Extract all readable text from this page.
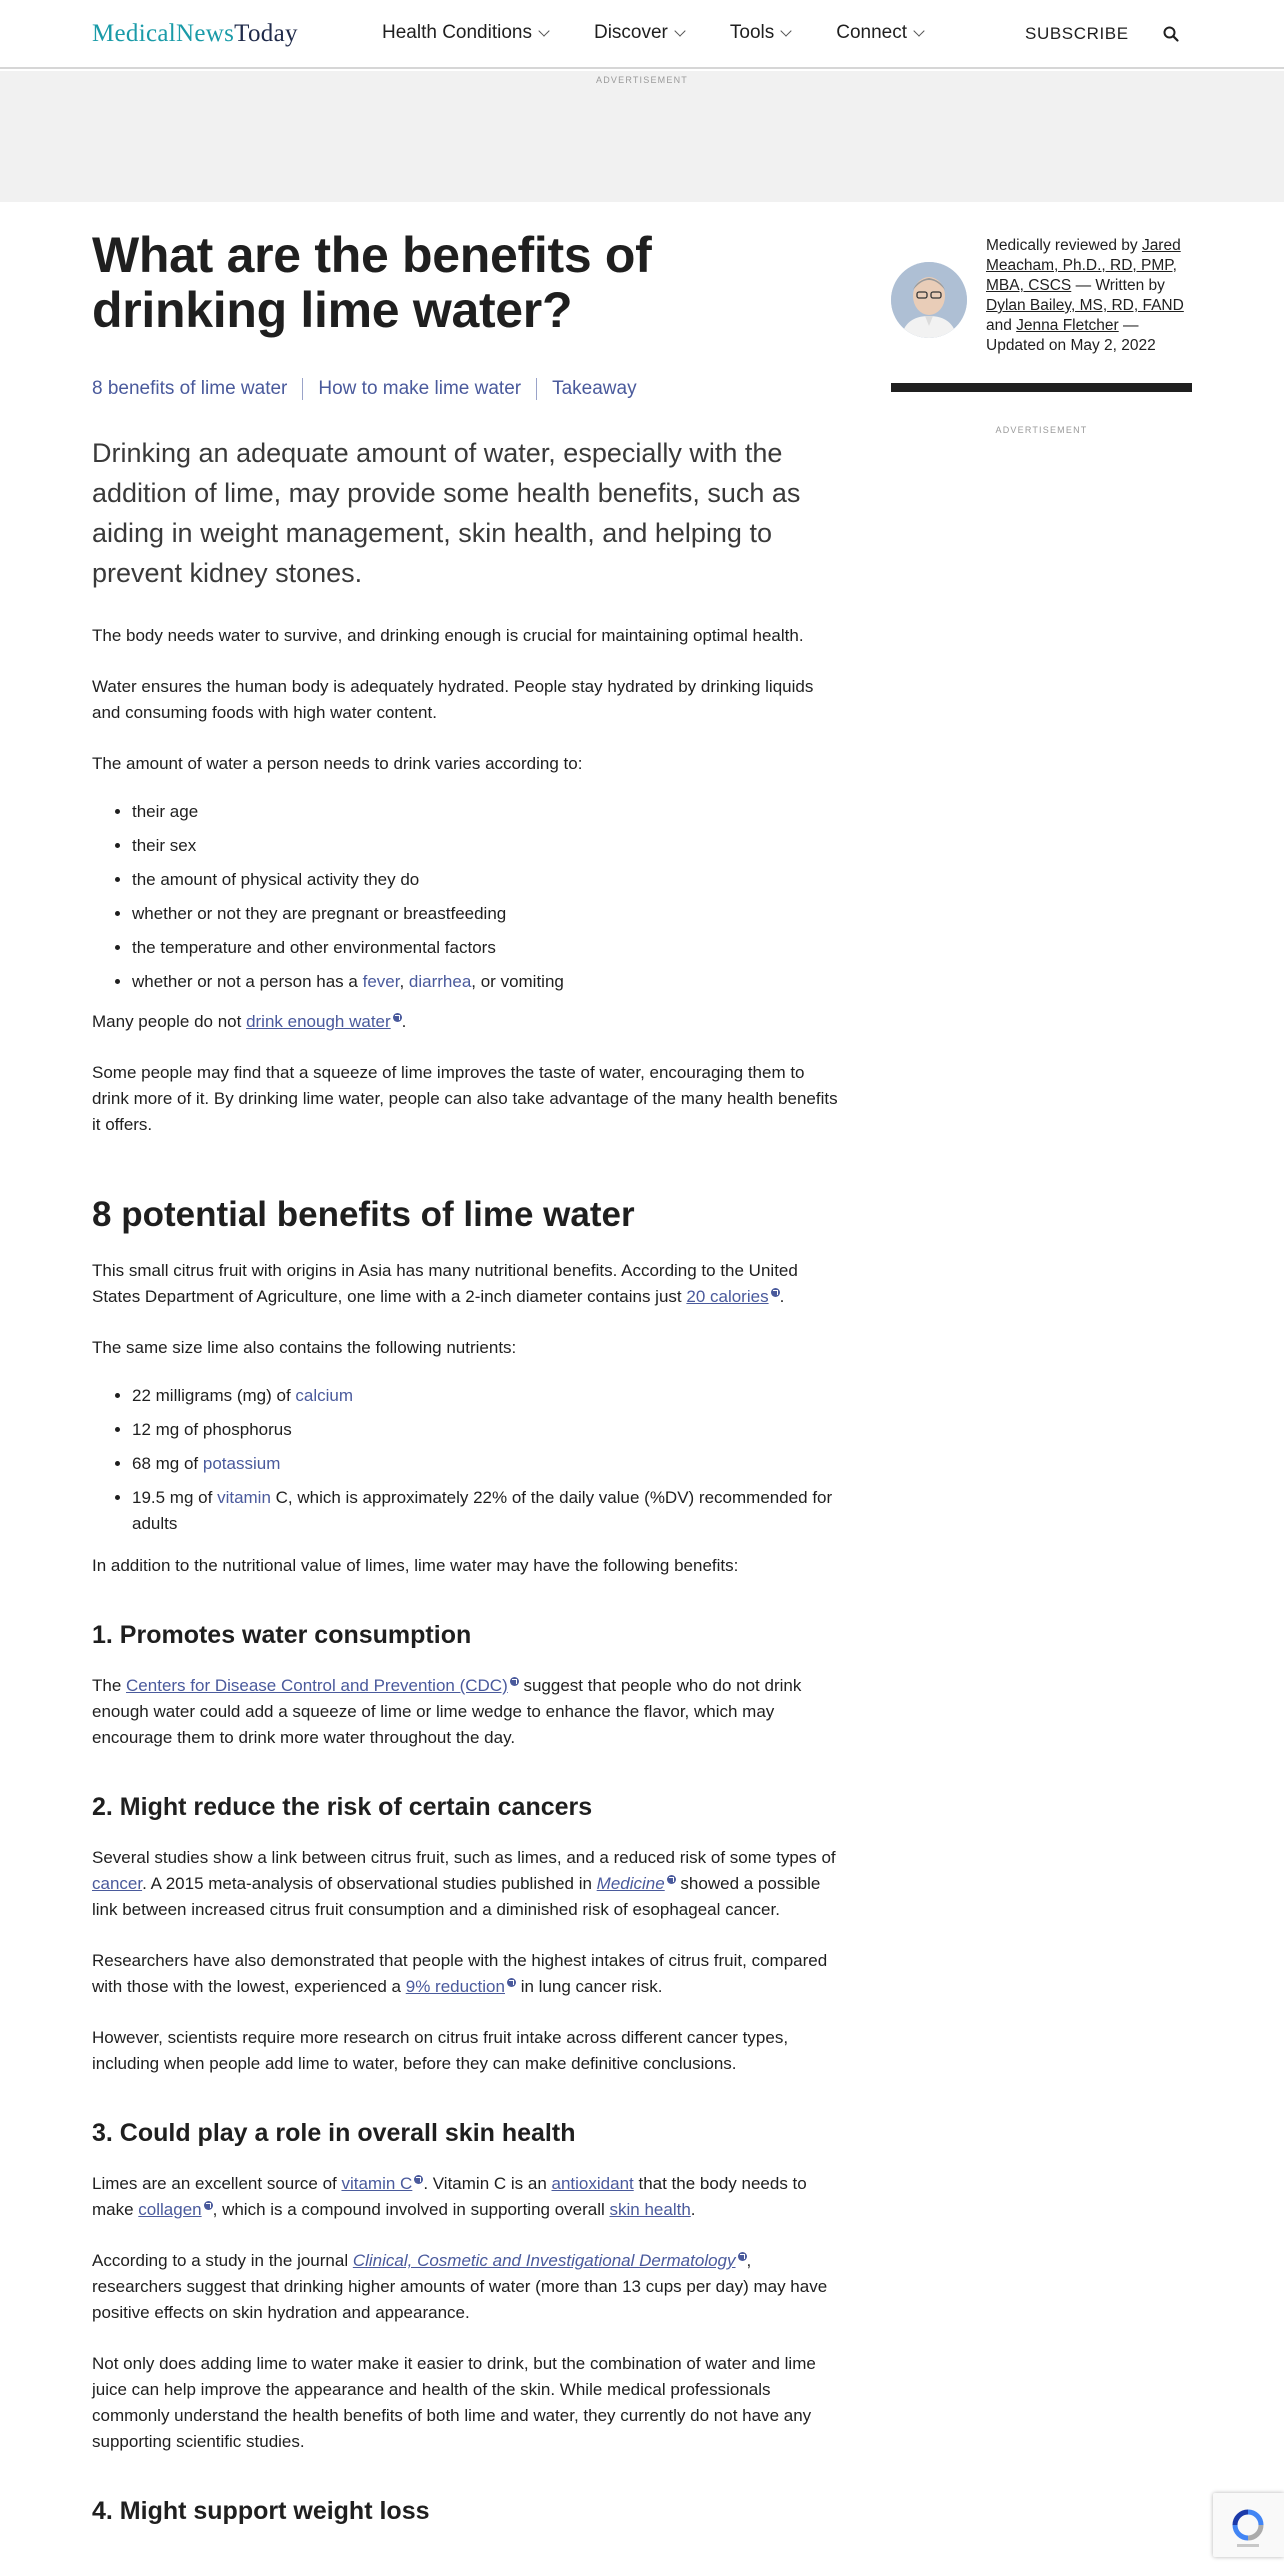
MedicalNewsToday	Health Conditions	Discover	Tools	Connect	SUBSCRIBE
ADVERTISEMENT
Medically reviewed by Jared Meacham, Ph.D., RD, PMP, MBA, CSCS — Written by Dylan Bailey, MS, RD, FAND and Jenna Fletcher — Updated on May 2, 2022
ADVERTISEMENT
What are the benefits of drinking lime water?
8 benefits of lime water How to make lime water Takeaway

Drinking an adequate amount of water, especially with the addition of lime, may provide some health benefits, such as aiding in weight management, skin health, and helping to prevent kidney stones.

The body needs water to survive, and drinking enough is crucial for maintaining optimal health.

Water ensures the human body is adequately hydrated. People stay hydrated by drinking liquids and consuming foods with high water content.

The amount of water a person needs to drink varies according to:

• their age
• their sex
• the amount of physical activity they do
• whether or not they are pregnant or breastfeeding
• the temperature and other environmental factors
• whether or not a person has a fever, diarrhea, or vomiting

Many people do not drink enough water .

Some people may find that a squeeze of lime improves the taste of water, encouraging them to drink more of it. By drinking lime water, people can also take advantage of the many health benefits it offers.

8 potential benefits of lime water

This small citrus fruit with origins in Asia has many nutritional benefits. According to the United States Department of Agriculture, one lime with a 2-inch diameter contains just 20 calories .

The same size lime also contains the following nutrients:

• 22 milligrams (mg) of calcium
• 12 mg of phosphorus
• 68 mg of potassium
• 19.5 mg of vitamin C, which is approximately 22% of the daily value (%DV) recommended for adults

In addition to the nutritional value of limes, lime water may have the following benefits:

1. Promotes water consumption

The Centers for Disease Control and Prevention (CDC) suggest that people who do not drink enough water could add a squeeze of lime or lime wedge to enhance the flavor, which may encourage them to drink more water throughout the day.

2. Might reduce the risk of certain cancers

Several studies show a link between citrus fruit, such as limes, and a reduced risk of some types of cancer. A 2015 meta-analysis of observational studies published in Medicine showed a possible link between increased citrus fruit consumption and a diminished risk of esophageal cancer.

Researchers have also demonstrated that people with the highest intakes of citrus fruit, compared with those with the lowest, experienced a 9% reduction in lung cancer risk.

However, scientists require more research on citrus fruit intake across different cancer types, including when people add lime to water, before they can make definitive conclusions.

3. Could play a role in overall skin health

Limes are an excellent source of vitamin C . Vitamin C is an antioxidant that the body needs to make collagen , which is a compound involved in supporting overall skin health.

According to a study in the journal Clinical, Cosmetic and Investigational Dermatology , researchers suggest that drinking higher amounts of water (more than 13 cups per day) may have positive effects on skin hydration and appearance.

Not only does adding lime to water make it easier to drink, but the combination of water and lime juice can help improve the appearance and health of the skin. While medical professionals commonly understand the health benefits of both lime and water, they currently do not have any supporting scientific studies.

4. Might support weight loss
